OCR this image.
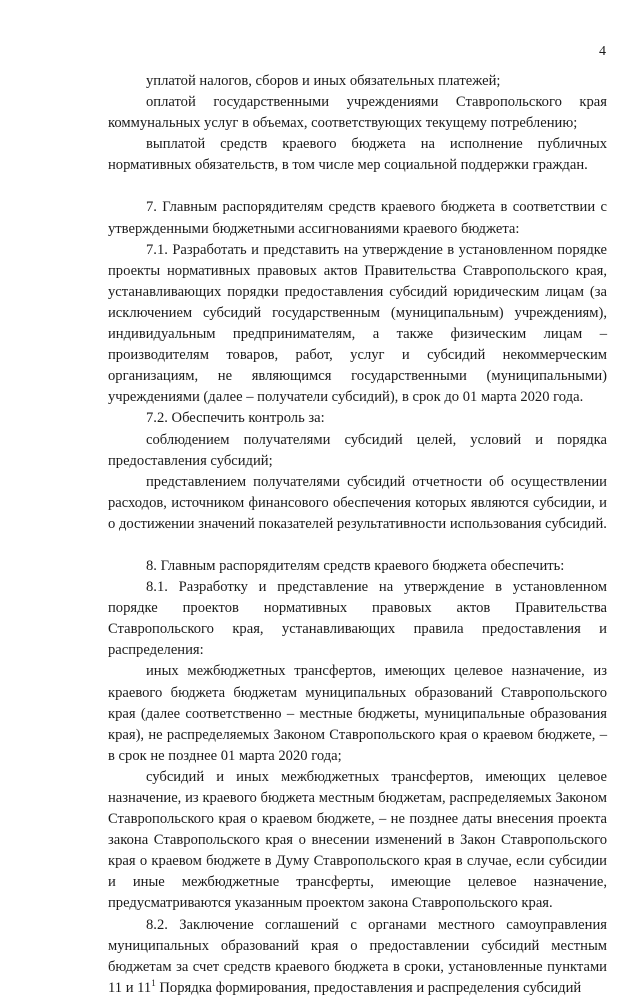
4

уплатой налогов, сборов и иных обязательных платежей;

оплатой государственными учреждениями Ставропольского края коммунальных услуг в объемах, соответствующих текущему потреблению;

выплатой средств краевого бюджета на исполнение публичных нормативных обязательств, в том числе мер социальной поддержки граждан.

7. Главным распорядителям средств краевого бюджета в соответствии с утвержденными бюджетными ассигнованиями краевого бюджета:

7.1. Разработать и представить на утверждение в установленном порядке проекты нормативных правовых актов Правительства Ставропольского края, устанавливающих порядки предоставления субсидий юридическим лицам (за исключением субсидий государственным (муниципальным) учреждениям), индивидуальным предпринимателям, а также физическим лицам – производителям товаров, работ, услуг и субсидий некоммерческим организациям, не являющимся государственными (муниципальными) учреждениями (далее – получатели субсидий), в срок до 01 марта 2020 года.

7.2. Обеспечить контроль за:

соблюдением получателями субсидий целей, условий и порядка предоставления субсидий;

представлением получателями субсидий отчетности об осуществлении расходов, источником финансового обеспечения которых являются субсидии, и о достижении значений показателей результативности использования субсидий.

8. Главным распорядителям средств краевого бюджета обеспечить:

8.1. Разработку и представление на утверждение в установленном порядке проектов нормативных правовых актов Правительства Ставропольского края, устанавливающих правила предоставления и распределения:

иных межбюджетных трансфертов, имеющих целевое назначение, из краевого бюджета бюджетам муниципальных образований Ставропольского края (далее соответственно – местные бюджеты, муниципальные образования края), не распределяемых Законом Ставропольского края о краевом бюджете, – в срок не позднее 01 марта 2020 года;

субсидий и иных межбюджетных трансфертов, имеющих целевое назначение, из краевого бюджета местным бюджетам, распределяемых Законом Ставропольского края о краевом бюджете, – не позднее даты внесения проекта закона Ставропольского края о внесении изменений в Закон Ставропольского края о краевом бюджете в Думу Ставропольского края в случае, если субсидии и иные межбюджетные трансферты, имеющие целевое назначение, предусматриваются указанным проектом закона Ставропольского края.

8.2. Заключение соглашений с органами местного самоуправления муниципальных образований края о предоставлении субсидий местным бюджетам за счет средств краевого бюджета в сроки, установленные пунктами 11 и $11^1$ Порядка формирования, предоставления и распределения субсидий
